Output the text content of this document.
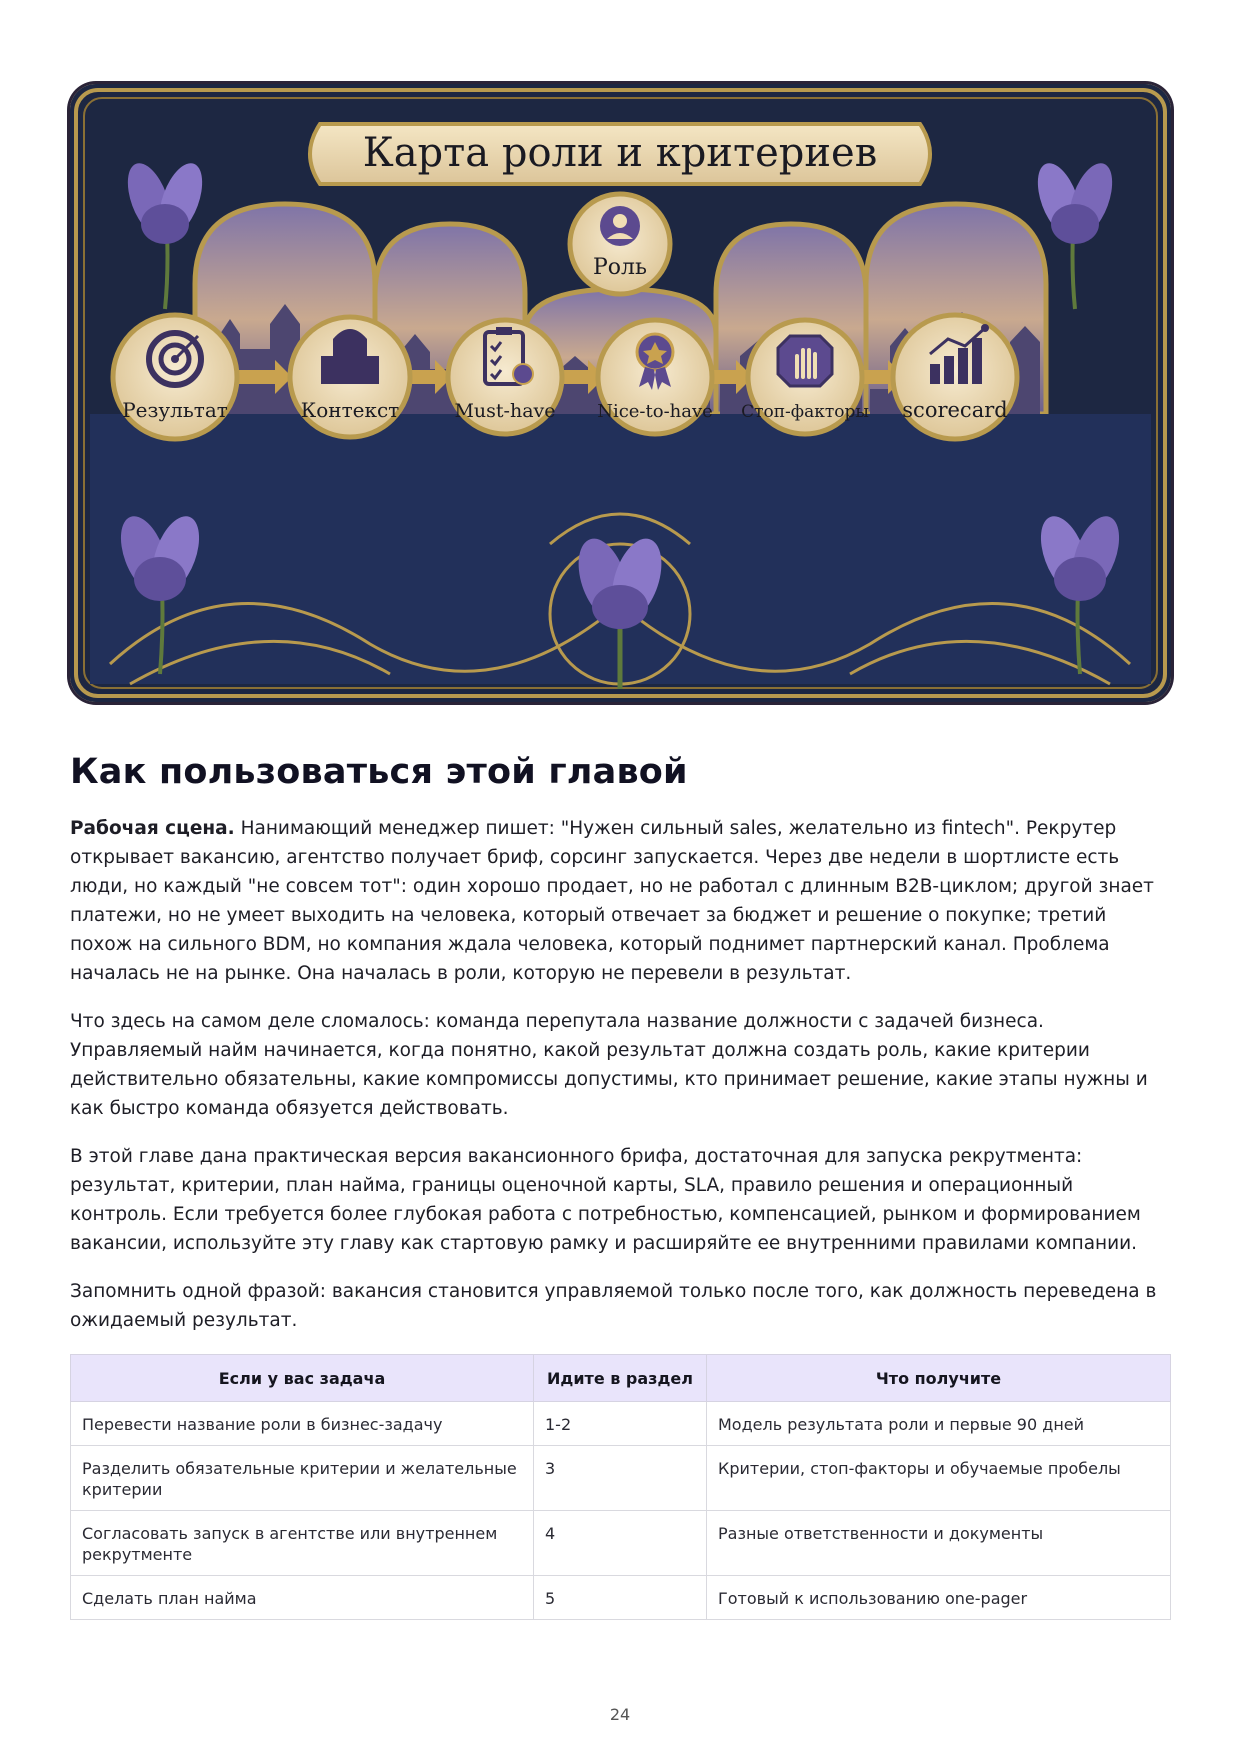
Карта роли и критериев
Роль
Результат	Контекст	Must-have Nice-to-have Стоп-факторы scorecard
Как пользоваться этой главой

Рабочая сцена. Нанимающий менеджер пишет: "Нужен сильный sales, желательно из fintech". Рекрутер открывает вакансию, агентство получает бриф, сорсинг запускается. Через две недели в шортлисте есть люди, но каждый "не совсем тот": один хорошо продает, но не работал с длинным B2B-циклом; другой знает платежи, но не умеет выходить на человека, который отвечает за бюджет и решение о покупке; третий похож на сильного BDM, но компания ждала человека, который поднимет партнерский канал. Проблема началась не на рынке. Она началась в роли, которую не перевели в результат.

Что здесь на самом деле сломалось: команда перепутала название должности с задачей бизнеса. Управляемый найм начинается, когда понятно, какой результат должна создать роль, какие критерии действительно обязательны, какие компромиссы допустимы, кто принимает решение, какие этапы нужны и как быстро команда обязуется действовать.

В этой главе дана практическая версия вакансионного брифа, достаточная для запуска рекрутмента: результат, критерии, план найма, границы оценочной карты, SLA, правило решения и операционный контроль. Если требуется более глубокая работа с потребностью, компенсацией, рынком и формированием вакансии, используйте эту главу как стартовую рамку и расширяйте ее внутренними правилами компании.

Запомнить одной фразой: вакансия становится управляемой только после того, как должность переведена в ожидаемый результат.

Если у вас задача	Идите в раздел	Что получите
Перевести название роли в бизнес-задачу	1-2	Модель результата роли и первые 90 дней
Разделить обязательные критерии и желательные критерии	3	Критерии, стоп-факторы и обучаемые пробелы
Согласовать запуск в агентстве или внутреннем рекрутменте	4	Разные ответственности и документы
Сделать план найма	5	Готовый к использованию one-pager
24
